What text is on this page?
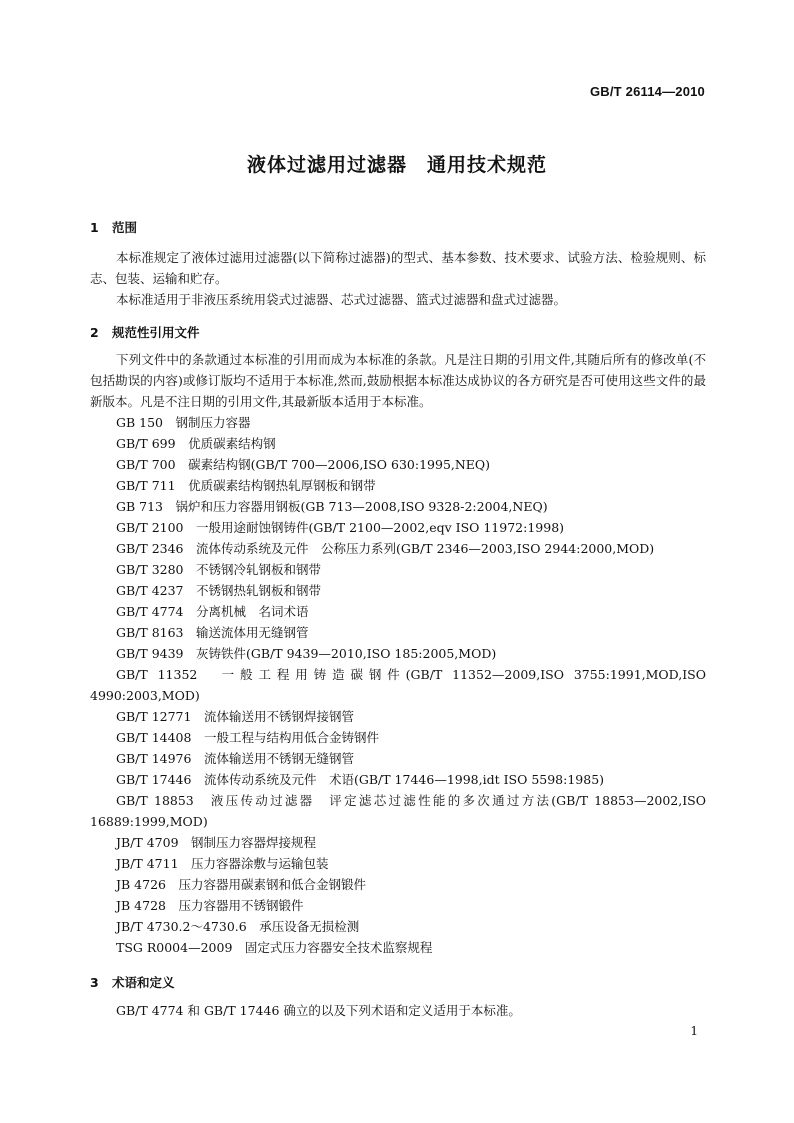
GB/T 26114—2010
液体过滤用过滤器　通用技术规范
1 范围

本标准规定了液体过滤用过滤器(以下简称过滤器)的型式、基本参数、技术要求、试验方法、检验规则、标志、包装、运输和贮存。

本标准适用于非液压系统用袋式过滤器、芯式过滤器、篮式过滤器和盘式过滤器。

2 规范性引用文件

下列文件中的条款通过本标准的引用而成为本标准的条款。凡是注日期的引用文件,其随后所有的修改单(不包括勘误的内容)或修订版均不适用于本标准,然而,鼓励根据本标准达成协议的各方研究是否可使用这些文件的最新版本。凡是不注日期的引用文件,其最新版本适用于本标准。

GB 150　 钢制压力容器
GB/T 699　 优质碳素结构钢
GB/T 700　 碳素结构钢(GB/T 700—2006,ISO 630:1995,NEQ)
GB/T 711　 优质碳素结构钢热轧厚钢板和钢带
GB 713　 锅炉和压力容器用钢板(GB 713—2008,ISO 9328-2:2004,NEQ)
GB/T 2100　 一般用途耐蚀钢铸件(GB/T 2100—2002,eqv ISO 11972:1998)
GB/T 2346　 流体传动系统及元件　公称压力系列(GB/T 2346—2003,ISO 2944:2000,MOD)
GB/T 3280　 不锈钢冷轧钢板和钢带
GB/T 4237　 不锈钢热轧钢板和钢带
GB/T 4774　 分离机械　名词术语
GB/T 8163　 输送流体用无缝钢管
GB/T 9439　 灰铸铁件(GB/T 9439—2010,ISO 185:2005,MOD)
GB/T 11352　 一般工程用铸造碳钢件(GB/T 11352—2009,ISO 3755:1991,MOD,ISO 4990:2003,MOD)
GB/T 12771　 流体输送用不锈钢焊接钢管
GB/T 14408　 一般工程与结构用低合金铸钢件
GB/T 14976　 流体输送用不锈钢无缝钢管
GB/T 17446　 流体传动系统及元件　术语(GB/T 17446—1998,idt ISO 5598:1985)
GB/T 18853　 液压传动过滤器　评定滤芯过滤性能的多次通过方法(GB/T 18853—2002,ISO 16889:1999,MOD)
JB/T 4709　 钢制压力容器焊接规程
JB/T 4711　 压力容器涂敷与运输包装
JB 4726　 压力容器用碳素钢和低合金钢锻件
JB 4728　 压力容器用不锈钢锻件
JB/T 4730.2～4730.6　 承压设备无损检测
TSG R0004—2009　 固定式压力容器安全技术监察规程
3 术语和定义

GB/T 4774 和 GB/T 17446 确立的以及下列术语和定义适用于本标准。

1
